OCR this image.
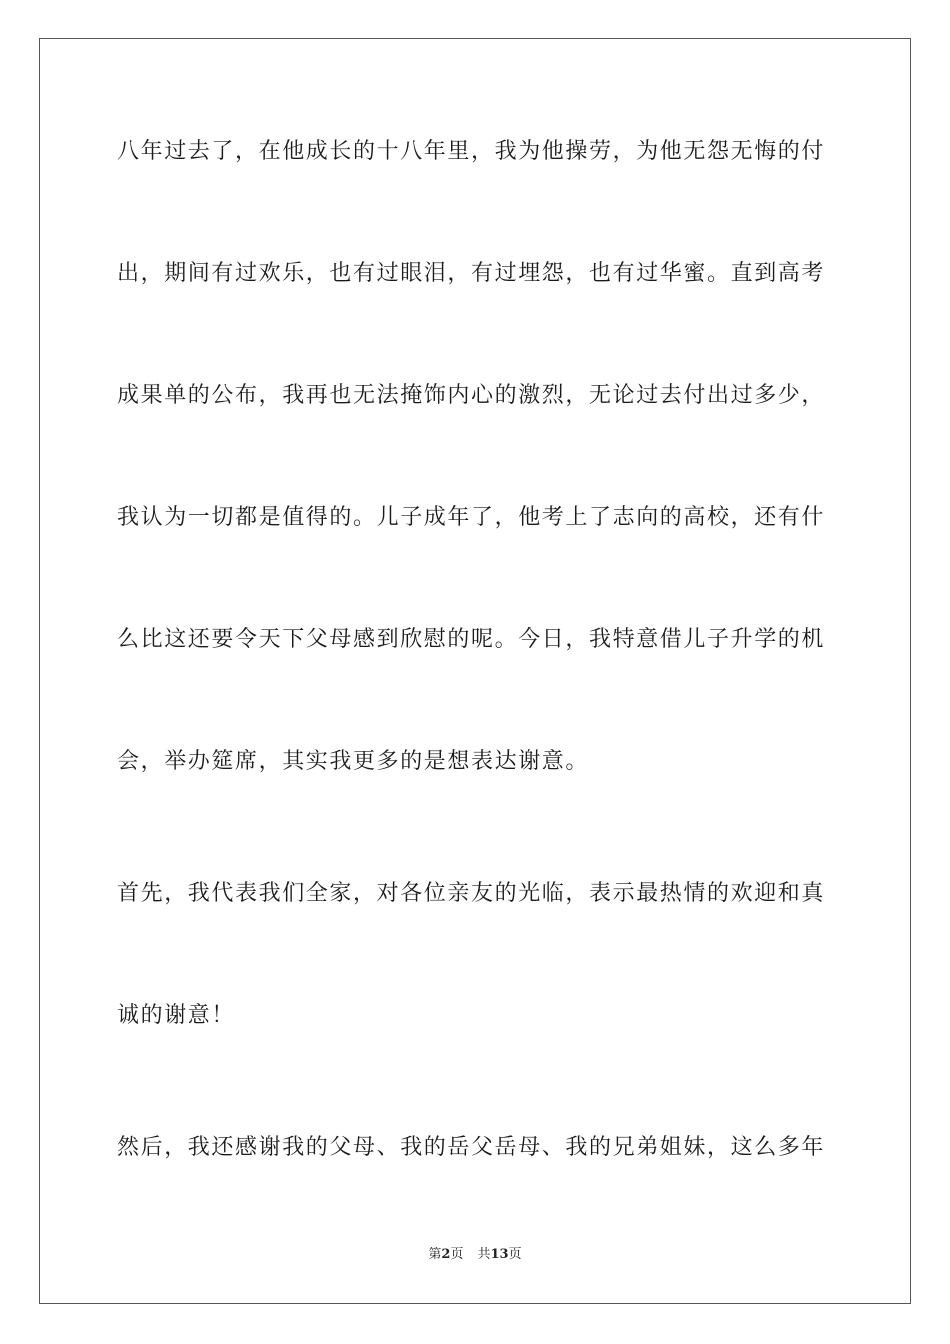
八年过去了，在他成长的十八年里，我为他操劳，为他无怨无悔的付
出，期间有过欢乐，也有过眼泪，有过埋怨，也有过华蜜。直到高考
成果单的公布，我再也无法掩饰内心的激烈，无论过去付出过多少，
我认为一切都是值得的。儿子成年了，他考上了志向的高校，还有什
么比这还要令天下父母感到欣慰的呢。今日，我特意借儿子升学的机
会，举办筵席，其实我更多的是想表达谢意。
首先，我代表我们全家，对各位亲友的光临，表示最热情的欢迎和真
诚的谢意！
然后，我还感谢我的父母、我的岳父岳母、我的兄弟姐妹，这么多年
第2页 共13页
